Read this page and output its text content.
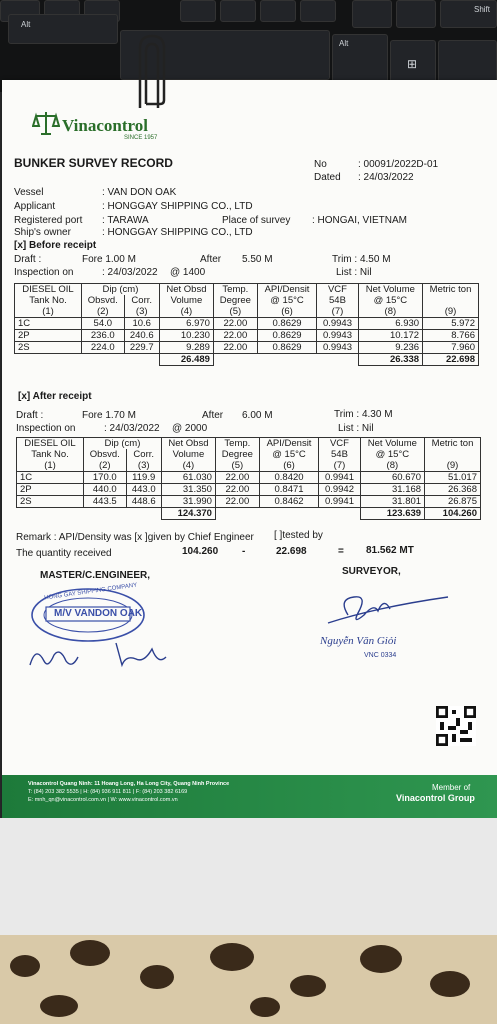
Shift
Alt
Alt
⊞
Vinacontrol
SINCE 1957
BUNKER SURVEY RECORD	No	: 00091/2022D-01
Dated : 24/03/2022
Vessel	: VAN DON OAK
Applicant	: HONGGAY SHIPPING CO., LTD
Registered port : TARAWA	Place of survey : HONGAI, VIETNAM
Ship's owner	: HONGGAY SHIPPING CO., LTD
[x] Before receipt
Draft :	Fore 1.00 M	After 5.50 M	Trim : 4.50 M
Inspection on	: 24/03/2022 @ 1400	List : Nil
DIESEL OIL	Dip (cm)		Net Obsd	Temp.	API/Densit	VCF	Net Volume	Metric ton
Tank No.	Obsvd.	Corr.	Volume	Degree	@ 15°C	54B	@ 15°C	
(1)	(2)	(3)	(4)	(5)	(6)	(7)	(8)	(9)
1C	54.0	10.6	6.970	22.00	0.8629	0.9943	6.930	5.972
2P	236.0	240.6	10.230	22.00	0.8629	0.9943	10.172	8.766
2S	224.0	229.7	9.289	22.00	0.8629	0.9943	9.236	7.960
			26.489				26.338	22.698
[x] After receipt
Draft :	Fore 1.70 M	After 6.00 M	Trim : 4.30 M
Inspection on	: 24/03/2022 @ 2000	List : Nil
DIESEL OIL	Dip (cm)		Net Obsd	Temp.	API/Densit	VCF	Net Volume	Metric ton
Tank No.	Obsvd.	Corr.	Volume	Degree	@ 15°C	54B	@ 15°C	
(1)	(2)	(3)	(4)	(5)	(6)	(7)	(8)	(9)
1C	170.0	119.9	61.030	22.00	0.8420	0.9941	60.670	51.017
2P	440.0	443.0	31.350	22.00	0.8471	0.9942	31.168	26.368
2S	443.5	448.6	31.990	22.00	0.8462	0.9941	31.801	26.875
			124.370				123.639	104.260
Remark : API/Density was [x ]given by Chief Engineer [ ]tested by
The quantity received	104.260 -	22.698	= 81.562 MT
MASTER/C.ENGINEER,	SURVEYOR,
HONG GAY SHIPPING COMPANY
M/V VANDON OAK
Nguyễn Văn Giỏi
VNC 0334
Vinacontrol Quang Ninh: 11 Hoang Long, Ha Long City, Quang Ninh Province
T: (84) 203 382 5535 | H: (84) 936 911 811 | F: (84) 203 382 6169
E: mnh_qn@vinacontrol.com.vn | W: www.vinacontrol.com.vn
Member of
Vinacontrol Group
